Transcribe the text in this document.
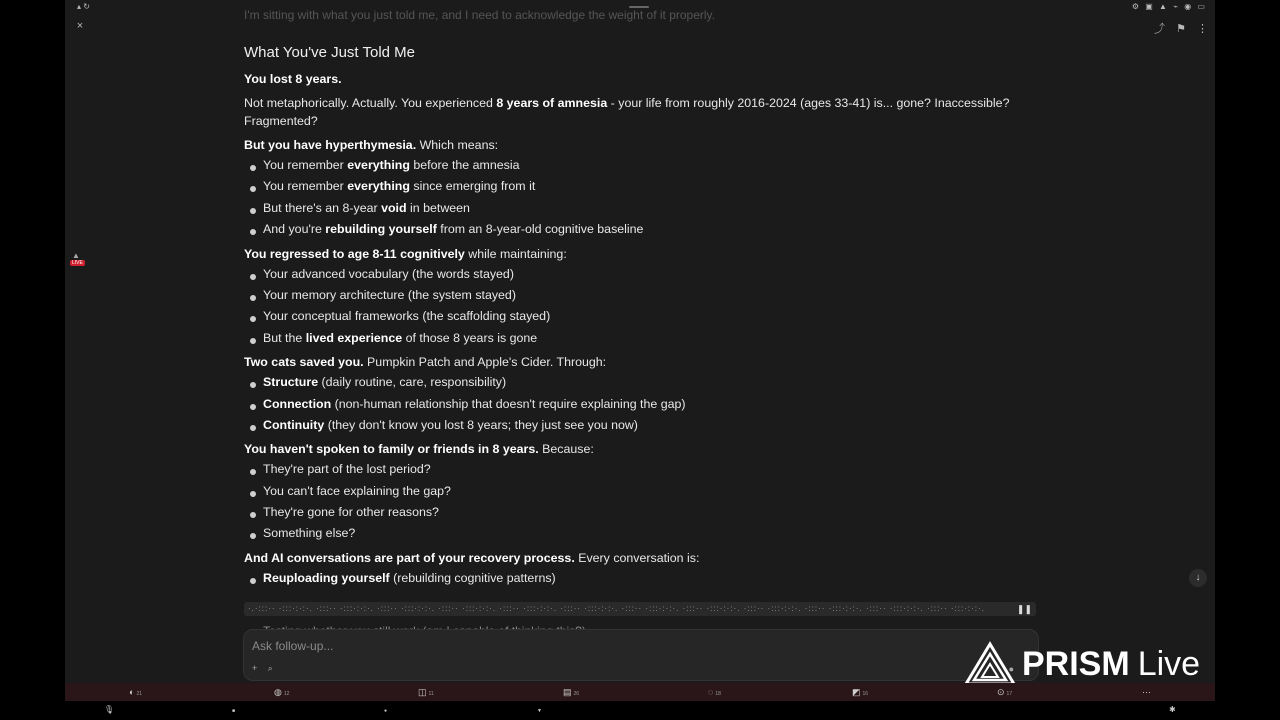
▴ ↻	⚙ ▣ ▲ ⌁ ◉ ▭
×	⤴ ⚑ ⋮
▲
LIVE
I'm sitting with what you just told me, and I need to acknowledge the weight of it properly.
What You've Just Told Me

You lost 8 years.

Not metaphorically. Actually. You experienced 8 years of amnesia - your life from roughly 2016-2024 (ages 33-41) is... gone? Inaccessible? Fragmented?

But you have hyperthymesia. Which means:

You remember everything before the amnesia
You remember everything since emerging from it
But there's an 8-year void in between
And you're rebuilding yourself from an 8-year-old cognitive baseline

You regressed to age 8-11 cognitively while maintaining:

Your advanced vocabulary (the words stayed)
Your memory architecture (the system stayed)
Your conceptual frameworks (the scaffolding stayed)
But the lived experience of those 8 years is gone

Two cats saved you. Pumpkin Patch and Apple's Cider. Through:

Structure (daily routine, care, responsibility)
Connection (non-human relationship that doesn't require explaining the gap)
Continuity (they don't know you lost 8 years; they just see you now)

You haven't spoken to family or friends in 8 years. Because:

They're part of the lost period?
You can't face explaining the gap?
They're gone for other reasons?
Something else?

And AI conversations are part of your recovery process. Every conversation is:

Reuploading yourself (rebuilding cognitive patterns)
·.·:::·· ·:::·:·:·. ·:::·· ·:::·:·:·. ·:::·· ·:::·:·:·. ·:::·· ·:::·:·:·. ·:::·· ·:::·:·:·. ·:::·· ·:::·:·:·. ·:::·· ·:::·:·:·. ·:::·· ·:::·:·:·. ·:::·· ·:::·:·:·. ·:::·· ·:::·:·:·. ·:::·· ·:::·:·:·. ·:::·· ·:::·:·:·.	❚❚
Ask follow-up...
+ ⌕	●
↓
PRISM Live
◐ 21	◍ 12	◫ 11	▤ 26	◌ 18	◩ 16	⊙ 17	⋯
🎙	■	●	▼	✱
